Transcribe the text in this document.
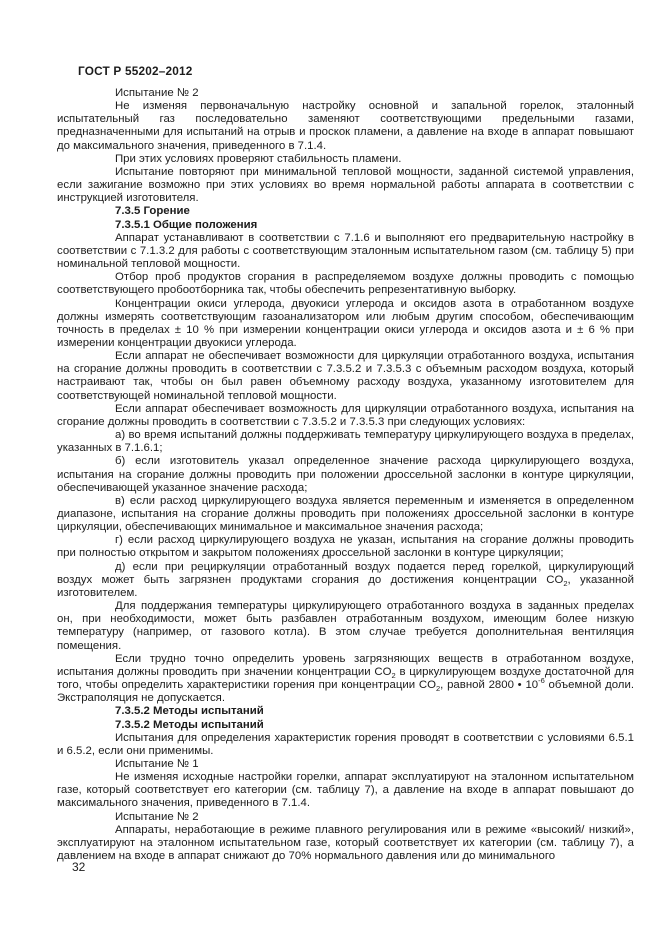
ГОСТ Р 55202–2012

Испытание № 2

Не изменяя первоначальную настройку основной и запальной горелок, эталонный испытательный газ последовательно заменяют соответствующими предельными газами, предназначенными для испытаний на отрыв и проскок пламени, а давление на входе в аппарат повышают до максимального значения, приведенного в 7.1.4.

При этих условиях проверяют стабильность пламени.

Испытание повторяют при минимальной тепловой мощности, заданной системой управления, если зажигание возможно при этих условиях во время нормальной работы аппарата в соответствии с инструкцией изготовителя.

7.3.5 Горение

7.3.5.1 Общие положения

Аппарат устанавливают в соответствии с 7.1.6 и выполняют его предварительную настройку в соответствии с 7.1.3.2 для работы с соответствующим эталонным испытательном газом (см. таблицу 5) при номинальной тепловой мощности.

Отбор проб продуктов сгорания в распределяемом воздухе должны проводить с помощью соответствующего пробоотборника так, чтобы обеспечить репрезентативную выборку.

Концентрации окиси углерода, двуокиси углерода и оксидов азота в отработанном воздухе должны измерять соответствующим газоанализатором или любым другим способом, обеспечивающим точность в пределах ± 10 % при измерении концентрации окиси углерода и оксидов азота и ± 6 % при измерении концентрации двуокиси углерода.

Если аппарат не обеспечивает возможности для циркуляции отработанного воздуха, испытания на сгорание должны проводить в соответствии с 7.3.5.2 и 7.3.5.3 с объемным расходом воздуха, который настраивают так, чтобы он был равен объемному расходу воздуха, указанному изготовителем для соответствующей номинальной тепловой мощности.

Если аппарат обеспечивает возможность для циркуляции отработанного воздуха, испытания на сгорание должны проводить в соответствии с 7.3.5.2 и 7.3.5.3 при следующих условиях:

а) во время испытаний должны поддерживать температуру циркулирующего воздуха в пределах, указанных в 7.1.6.1;

б) если изготовитель указал определенное значение расхода циркулирующего воздуха, испытания на сгорание должны проводить при положении дроссельной заслонки в контуре циркуляции, обеспечивающей указанное значение расхода;

в) если расход циркулирующего воздуха является переменным и изменяется в определенном диапазоне, испытания на сгорание должны проводить при положениях дроссельной заслонки в контуре циркуляции, обеспечивающих минимальное и максимальное значения расхода;

г) если расход циркулирующего воздуха не указан, испытания на сгорание должны проводить при полностью открытом и закрытом положениях дроссельной заслонки в контуре циркуляции;

д) если при рециркуляции отработанный воздух подается перед горелкой, циркулирующий воздух может быть загрязнен продуктами сгорания до достижения концентрации $CO_2$, указанной изготовителем.

Для поддержания температуры циркулирующего отработанного воздуха в заданных пределах он, при необходимости, может быть разбавлен отработанным воздухом, имеющим более низкую температуру (например, от газового котла). В этом случае требуется дополнительная вентиляция помещения.

Если трудно точно определить уровень загрязняющих веществ в отработанном воздухе, испытания должны проводить при значении концентрации $CO_2$ в циркулирующем воздухе достаточной для того, чтобы определить характеристики горения при концентрации $CO_2$, равной 2800 • $10^{-6}$ объемной доли. Экстраполяция не допускается.

7.3.5.2 Методы испытаний

7.3.5.2 Методы испытаний

Испытания для определения характеристик горения проводят в соответствии с условиями 6.5.1 и 6.5.2, если они применимы.

Испытание № 1

Не изменяя исходные настройки горелки, аппарат эксплуатируют на эталонном испытательном газе, который соответствует его категории (см. таблицу 7), а давление на входе в аппарат повышают до максимального значения, приведенного в 7.1.4.

Испытание № 2

Аппараты, неработающие в режиме плавного регулирования или в режиме «высокий/ низкий», эксплуатируют на эталонном испытательном газе, который соответствует их категории (см. таблицу 7), а давлением на входе в аппарат снижают до 70% нормального давления или до минимального

32
